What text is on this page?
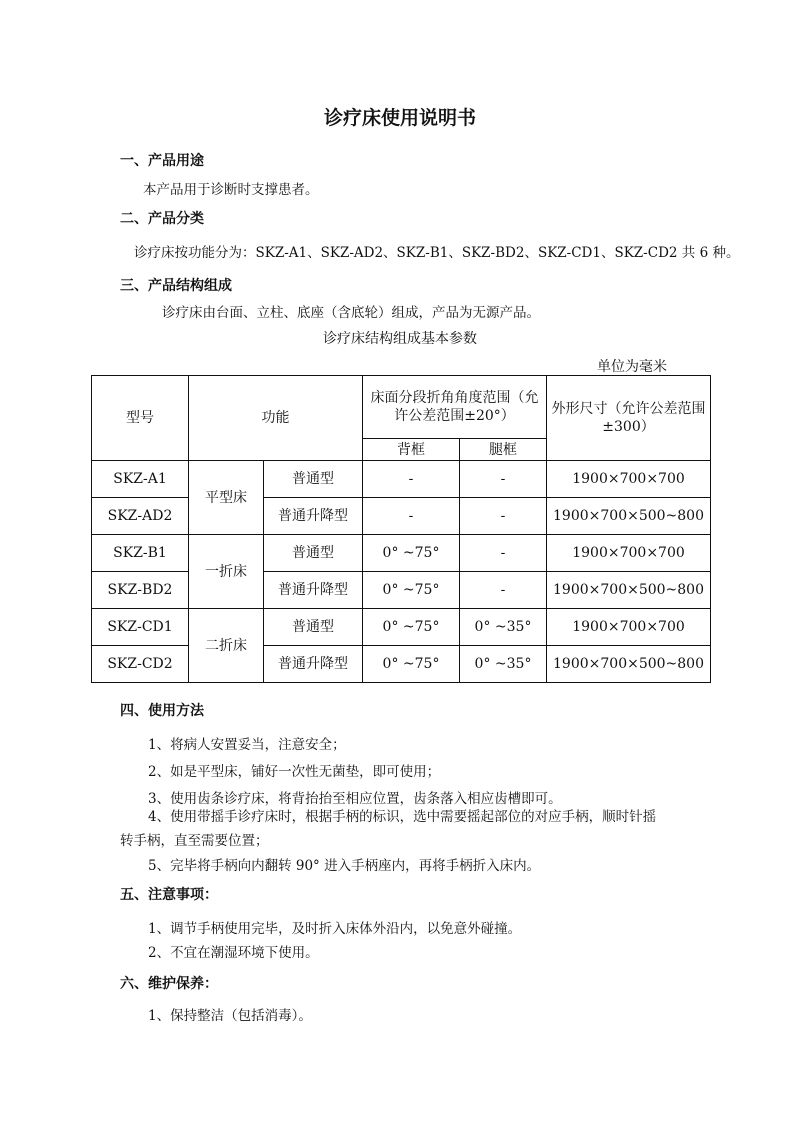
诊疗床使用说明书
一、产品用途
本产品用于诊断时支撑患者。
二、产品分类
诊疗床按功能分为：SKZ-A1、SKZ-AD2、SKZ-B1、SKZ-BD2、SKZ-CD1、SKZ-CD2 共 6 种。
三、产品结构组成
诊疗床由台面、立柱、底座（含底轮）组成，产品为无源产品。
诊疗床结构组成基本参数
单位为毫米
型号	功能		床面分段折角角度范围（允许公差范围±20°）		外形尺寸（允许公差范围±300）
			背框	腿框	
SKZ-A1	平型床	普通型	-	-	1900×700×700
SKZ-AD2		普通升降型	-	-	1900×700×500~800
SKZ-B1	一折床	普通型	0° ~75°	-	1900×700×700
SKZ-BD2		普通升降型	0° ~75°	-	1900×700×500~800
SKZ-CD1	二折床	普通型	0° ~75°	0° ~35°	1900×700×700
SKZ-CD2		普通升降型	0° ~75°	0° ~35°	1900×700×500~800
四、使用方法
1、将病人安置妥当，注意安全；
2、如是平型床，铺好一次性无菌垫，即可使用；
3、使用齿条诊疗床，将背抬抬至相应位置，齿条落入相应齿槽即可。
4、使用带摇手诊疗床时，根据手柄的标识，选中需要摇起部位的对应手柄，顺时针摇
转手柄，直至需要位置；
5、完毕将手柄向内翻转 90° 进入手柄座内，再将手柄折入床内。
五、注意事项：
1、调节手柄使用完毕，及时折入床体外沿内，以免意外碰撞。
2、不宜在潮湿环境下使用。
六、维护保养：
1、保持整洁（包括消毒）。
